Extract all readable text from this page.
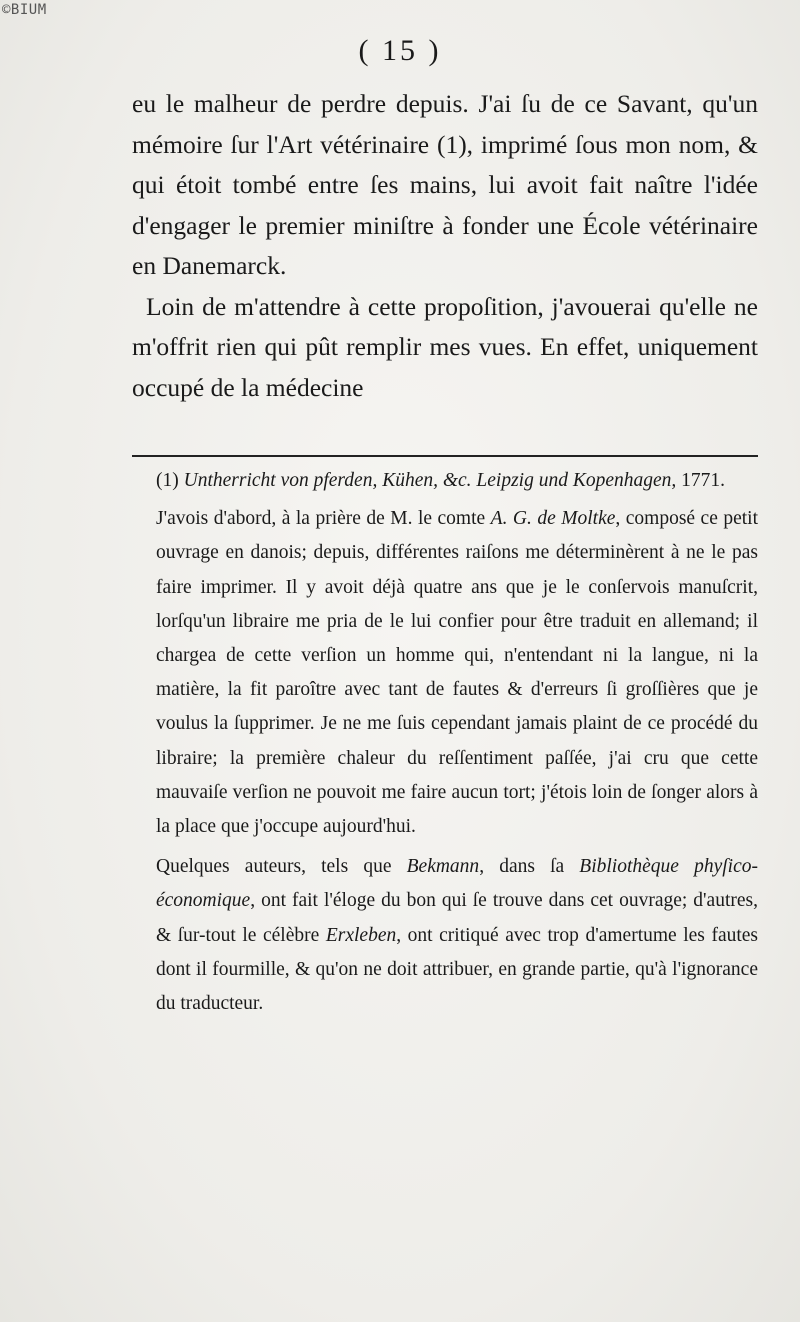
©BIUM
( 15 )

eu le malheur de perdre depuis. J'ai ſu de ce Savant, qu'un mémoire ſur l'Art vétérinaire (1), imprimé ſous mon nom, & qui étoit tombé entre ſes mains, lui avoit fait naître l'idée d'engager le premier miniſtre à fonder une École vétérinaire en Danemarck.

Loin de m'attendre à cette propoſition, j'avouerai qu'elle ne m'offrit rien qui pût remplir mes vues. En effet, uniquement occupé de la médecine

(1) Untherricht von pferden, Kühen, &c. Leipzig und Kopenhagen, 1771.

J'avois d'abord, à la prière de M. le comte A. G. de Moltke, composé ce petit ouvrage en danois; depuis, différentes raiſons me déterminèrent à ne le pas faire imprimer. Il y avoit déjà quatre ans que je le conſervois manuſcrit, lorſqu'un libraire me pria de le lui confier pour être traduit en allemand; il chargea de cette verſion un homme qui, n'entendant ni la langue, ni la matière, la fit paroître avec tant de fautes & d'erreurs ſi groſſières que je voulus la ſupprimer. Je ne me ſuis cependant jamais plaint de ce procédé du libraire; la première chaleur du reſſentiment paſſée, j'ai cru que cette mauvaiſe verſion ne pouvoit me faire aucun tort; j'étois loin de ſonger alors à la place que j'occupe aujourd'hui.

Quelques auteurs, tels que Bekmann, dans ſa Bibliothèque phyſico-économique, ont fait l'éloge du bon qui ſe trouve dans cet ouvrage; d'autres, & ſur-tout le célèbre Erxleben, ont critiqué avec trop d'amertume les fautes dont il fourmille, & qu'on ne doit attribuer, en grande partie, qu'à l'ignorance du traducteur.
